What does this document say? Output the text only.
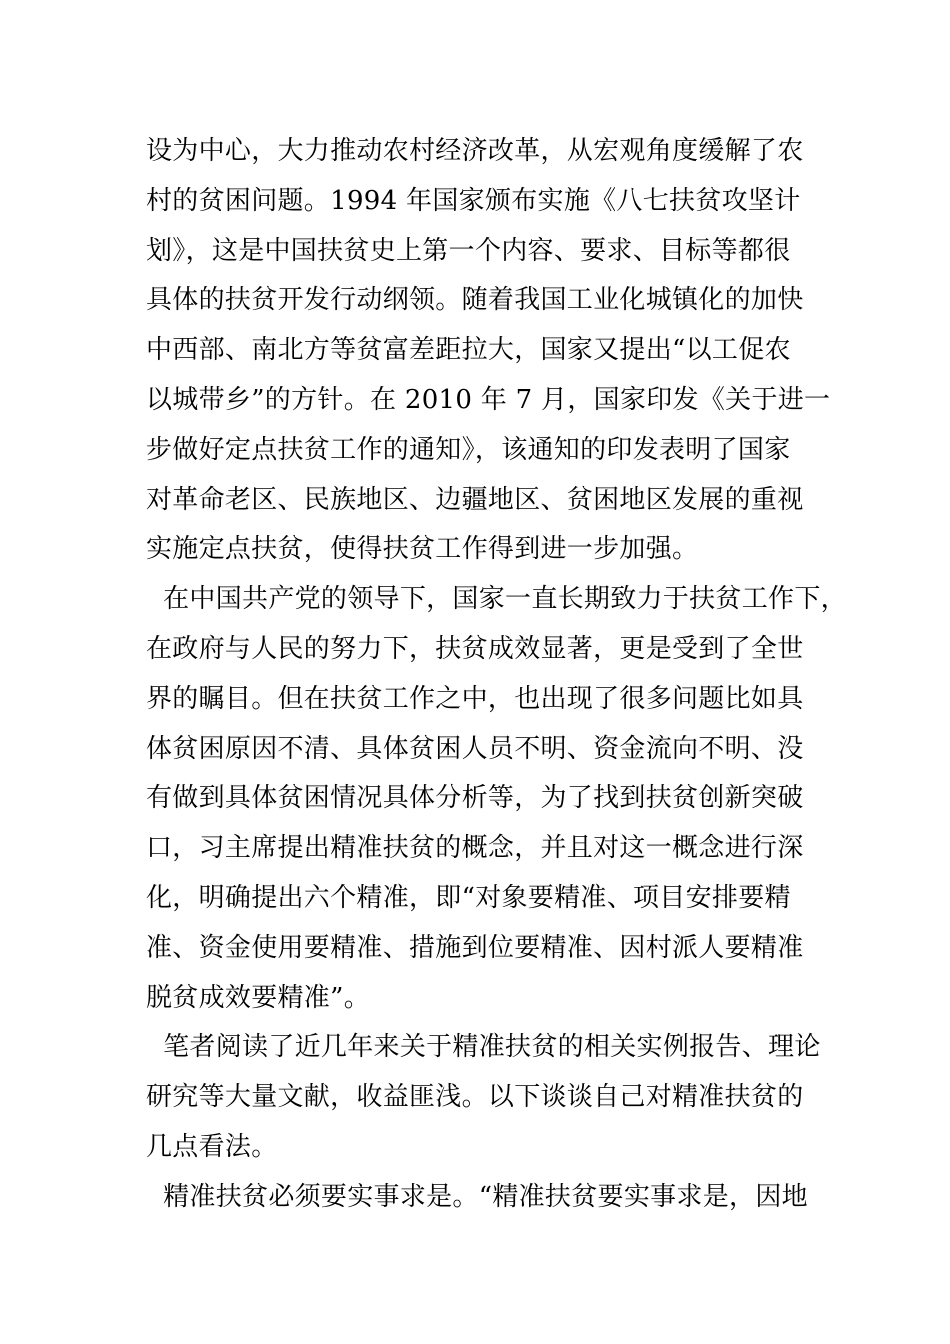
设为中心，大力推动农村经济改革，从宏观角度缓解了农
村的贫困问题。1994 年国家颁布实施《八七扶贫攻坚计
划》，这是中国扶贫史上第一个内容、要求、目标等都很
具体的扶贫开发行动纲领。随着我国工业化城镇化的加快
中西部、南北方等贫富差距拉大，国家又提出“以工促农
以城带乡”的方针。在 2010 年 7 月，国家印发《关于进一
步做好定点扶贫工作的通知》，该通知的印发表明了国家
对革命老区、民族地区、边疆地区、贫困地区发展的重视
实施定点扶贫，使得扶贫工作得到进一步加强。
在中国共产党的领导下，国家一直长期致力于扶贫工作下，
在政府与人民的努力下，扶贫成效显著，更是受到了全世
界的瞩目。但在扶贫工作之中，也出现了很多问题比如具
体贫困原因不清、具体贫困人员不明、资金流向不明、没
有做到具体贫困情况具体分析等，为了找到扶贫创新突破
口，习主席提出精准扶贫的概念，并且对这一概念进行深
化，明确提出六个精准，即“对象要精准、项目安排要精
准、资金使用要精准、措施到位要精准、因村派人要精准
脱贫成效要精准”。
笔者阅读了近几年来关于精准扶贫的相关实例报告、理论
研究等大量文献，收益匪浅。以下谈谈自己对精准扶贫的
几点看法。
精准扶贫必须要实事求是。“精准扶贫要实事求是，因地
